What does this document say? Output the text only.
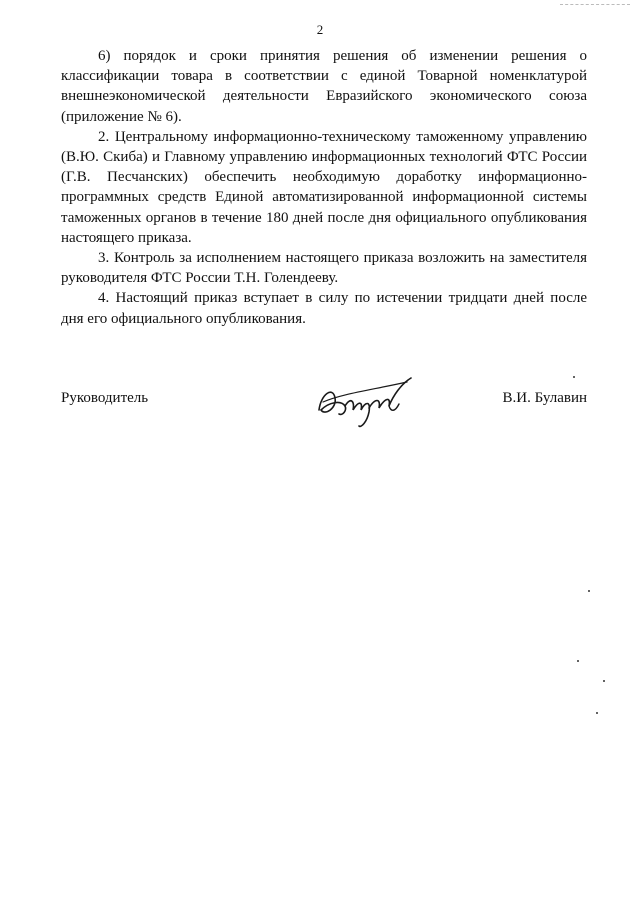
2

6) порядок и сроки принятия решения об изменении решения о классификации товара в соответствии с единой Товарной номенклатурой внешнеэкономической деятельности Евразийского экономического союза (приложение № 6).

2. Центральному информационно-техническому таможенному управлению (В.Ю. Скиба) и Главному управлению информационных технологий ФТС России (Г.В. Песчанских) обеспечить необходимую доработку информационно-программных средств Единой автоматизированной информационной системы таможенных органов в течение 180 дней после дня официального опубликования настоящего приказа.

3. Контроль за исполнением настоящего приказа возложить на заместителя руководителя ФТС России Т.Н. Голендееву.

4. Настоящий приказ вступает в силу по истечении тридцати дней после дня его официального опубликования.

Руководитель	В.И. Булавин
